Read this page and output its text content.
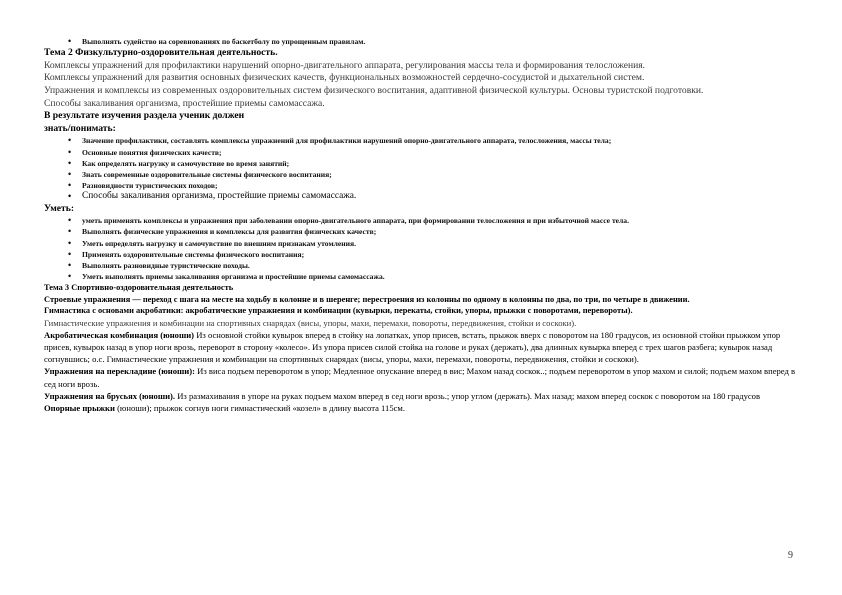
• Выполнять судейство на соревнованиях по баскетболу по упрощенным правилам.

Тема 2 Физкультурно-оздоровительная деятельность.

Комплексы упражнений для профилактики нарушений опорно-двигательного аппарата, регулирования массы тела и формирования телосложения.

Комплексы упражнений для развития основных физических качеств, функциональных возможностей сердечно-сосудистой и дыхательной систем.

Упражнения и комплексы из современных оздоровительных систем физического воспитания, адаптивной физической культуры. Основы туристской подготовки.

Способы закаливания организма, простейшие приемы самомассажа.

В результате изучения раздела ученик должен

знать/понимать:

• Значение профилактики, составлять комплексы упражнений для профилактики нарушений опорно-двигательного аппарата, телосложения, массы тела;
• Основные понятия физических качеств;
• Как определять нагрузку и самочувствие во время занятий;
• Знать современные оздоровительные системы физического воспитания;
• Разновидности туристических походов;
• Способы закаливания организма, простейшие приемы самомассажа.

Уметь:

• уметь применять комплексы и упражнения при заболевании опорно-двигательного аппарата, при формировании телосложения и при избыточной массе тела.
• Выполнять физические упражнения и комплексы для развития физических качеств;
• Уметь определять нагрузку и самочувствие по внешним признакам утомления.
• Применять оздоровительные системы физического воспитания;
• Выполнять разновидные туристические походы.
• Уметь выполнять приемы закаливания организма и простейшие приемы самомассажа.

Тема 3 Спортивно-оздоровительная деятельность

Строевые упражнения — переход с шага на месте на ходьбу в колонне и в шеренге; перестроения из колонны по одному в колонны по два, по три, по четыре в движении.

Гимнастика с основами акробатики: акробатические упражнения и комбинации (кувырки, перекаты, стойки, упоры, прыжки с поворотами, перевороты).

Гимнастические упражнения и комбинации на спортивных снарядах (висы, упоры, махи, перемахи, повороты, передвижения, стойки и соскоки).

Акробатическая комбинация (юноши) Из основной стойки кувырок вперед в стойку на лопатках, упор присев, встать, прыжок вверх с поворотом на 180 градусов, из основной стойки прыжком упор присев, кувырок назад в упор ноги врозь, переворот в сторону «колесо». Из упора присев силой стойка на голове и руках (держать), два длинных кувырка вперед с трех шагов разбега; кувырок назад согнувшись; о.с. Гимнастические упражнения и комбинации на спортивных снарядах (висы, упоры, махи, перемахи, повороты, передвижения, стойки и соскоки).

Упражнения на перекладине (юноши): Из виса подъем переворотом в упор; Медленное опускание вперед в вис; Махом назад соскок..; подъем переворотом в упор махом и силой; подъем махом вперед в сед ноги врозь.

Упражнения на брусьях (юноши). Из размахивания в упоре на руках подъем махом вперед в сед ноги врозь.; упор углом (держать). Мах назад; махом вперед соскок с поворотом на 180 градусов

Опорные прыжки (юноши); прыжок согнув ноги гимнастический «козел» в длину высота 115см.

9
